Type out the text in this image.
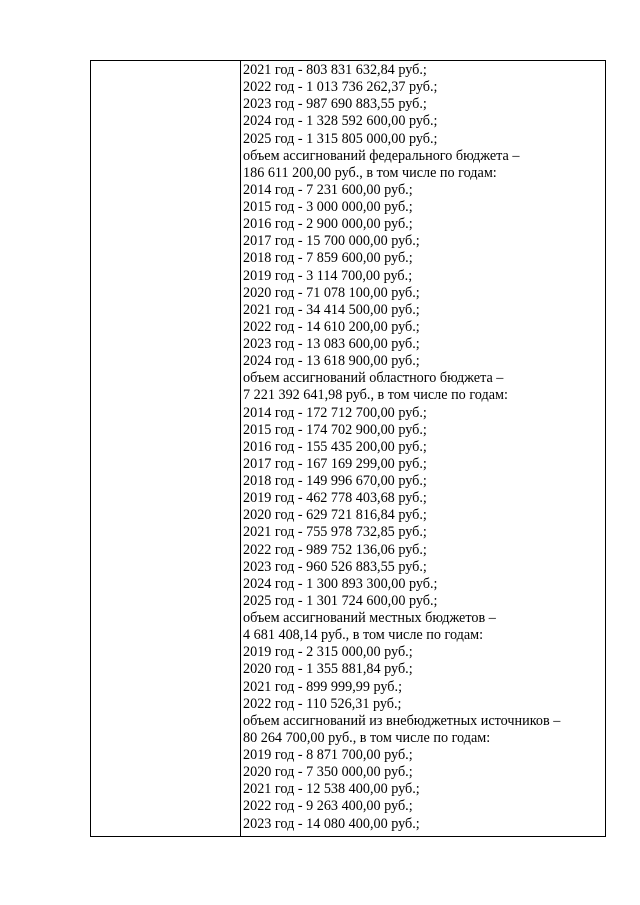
2021 год - 803 831 632,84 руб.;
2022 год - 1 013 736 262,37 руб.;
2023 год - 987 690 883,55 руб.;
2024 год - 1 328 592 600,00 руб.;
2025 год - 1 315 805 000,00 руб.;
объем ассигнований федерального бюджета –
186 611 200,00 руб., в том числе по годам:
2014 год - 7 231 600,00 руб.;
2015 год - 3 000 000,00 руб.;
2016 год - 2 900 000,00 руб.;
2017 год - 15 700 000,00 руб.;
2018 год - 7 859 600,00 руб.;
2019 год - 3 114 700,00 руб.;
2020 год - 71 078 100,00 руб.;
2021 год - 34 414 500,00 руб.;
2022 год - 14 610 200,00 руб.;
2023 год - 13 083 600,00 руб.;
2024 год - 13 618 900,00 руб.;
объем ассигнований областного бюджета –
7 221 392 641,98 руб., в том числе по годам:
2014 год - 172 712 700,00 руб.;
2015 год - 174 702 900,00 руб.;
2016 год - 155 435 200,00 руб.;
2017 год - 167 169 299,00 руб.;
2018 год - 149 996 670,00 руб.;
2019 год - 462 778 403,68 руб.;
2020 год - 629 721 816,84 руб.;
2021 год - 755 978 732,85 руб.;
2022 год - 989 752 136,06 руб.;
2023 год - 960 526 883,55 руб.;
2024 год - 1 300 893 300,00 руб.;
2025 год - 1 301 724 600,00 руб.;
объем ассигнований местных бюджетов –
4 681 408,14 руб., в том числе по годам:
2019 год - 2 315 000,00 руб.;
2020 год - 1 355 881,84 руб.;
2021 год - 899 999,99 руб.;
2022 год - 110 526,31 руб.;
объем ассигнований из внебюджетных источников –
80 264 700,00 руб., в том числе по годам:
2019 год - 8 871 700,00 руб.;
2020 год - 7 350 000,00 руб.;
2021 год - 12 538 400,00 руб.;
2022 год - 9 263 400,00 руб.;
2023 год - 14 080 400,00 руб.;
